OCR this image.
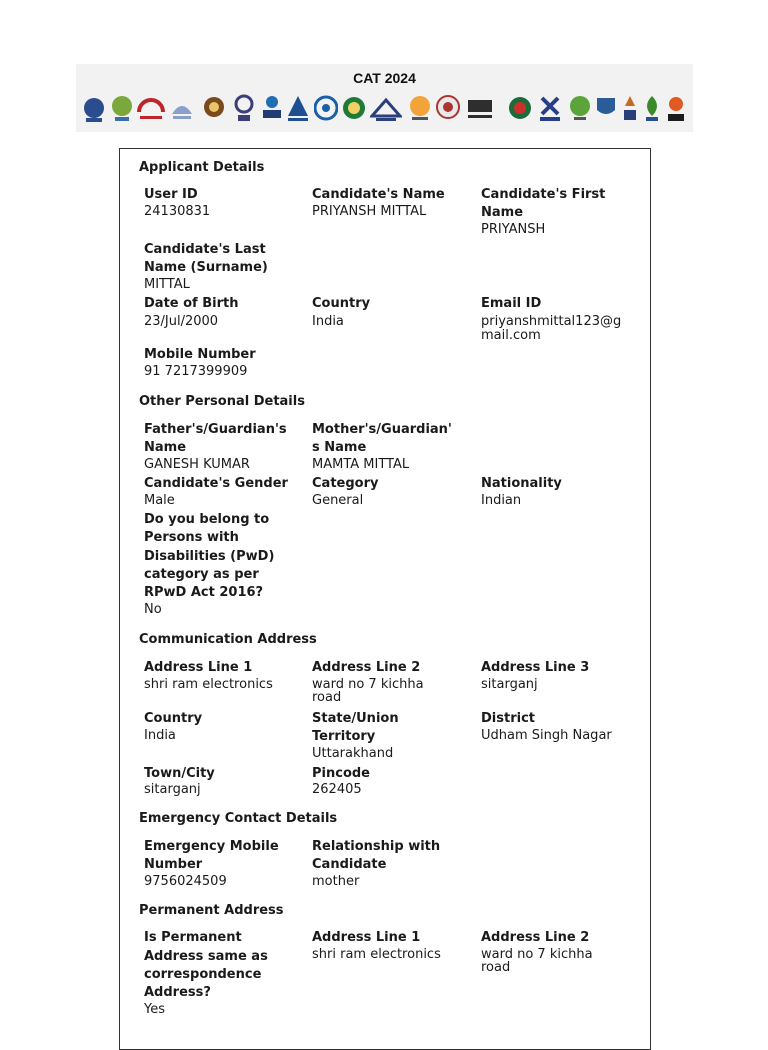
CAT 2024
Applicant Details
User ID
24130831
Candidate's Name
PRIYANSH MITTAL
Candidate's First
Name
PRIYANSH
Candidate's Last
Name (Surname)
MITTAL
Date of Birth
23/Jul/2000
Country
India
Email ID
priyanshmittal123@g
mail.com
Mobile Number
91 7217399909
Other Personal Details
Father's/Guardian's
Name
GANESH KUMAR
Mother's/Guardian'
s Name
MAMTA MITTAL
Candidate's Gender
Male
Category
General
Nationality
Indian
Do you belong to
Persons with
Disabilities (PwD)
category as per
RPwD Act 2016?
No
Communication Address
Address Line 1
shri ram electronics
Address Line 2
ward no 7 kichha
road
Address Line 3
sitarganj
Country
India
State/Union
Territory
Uttarakhand
District
Udham Singh Nagar
Town/City
sitarganj
Pincode
262405
Emergency Contact Details
Emergency Mobile
Number
9756024509
Relationship with
Candidate
mother
Permanent Address
Is Permanent
Address same as
correspondence
Address?
Yes
Address Line 1
shri ram electronics
Address Line 2
ward no 7 kichha
road
